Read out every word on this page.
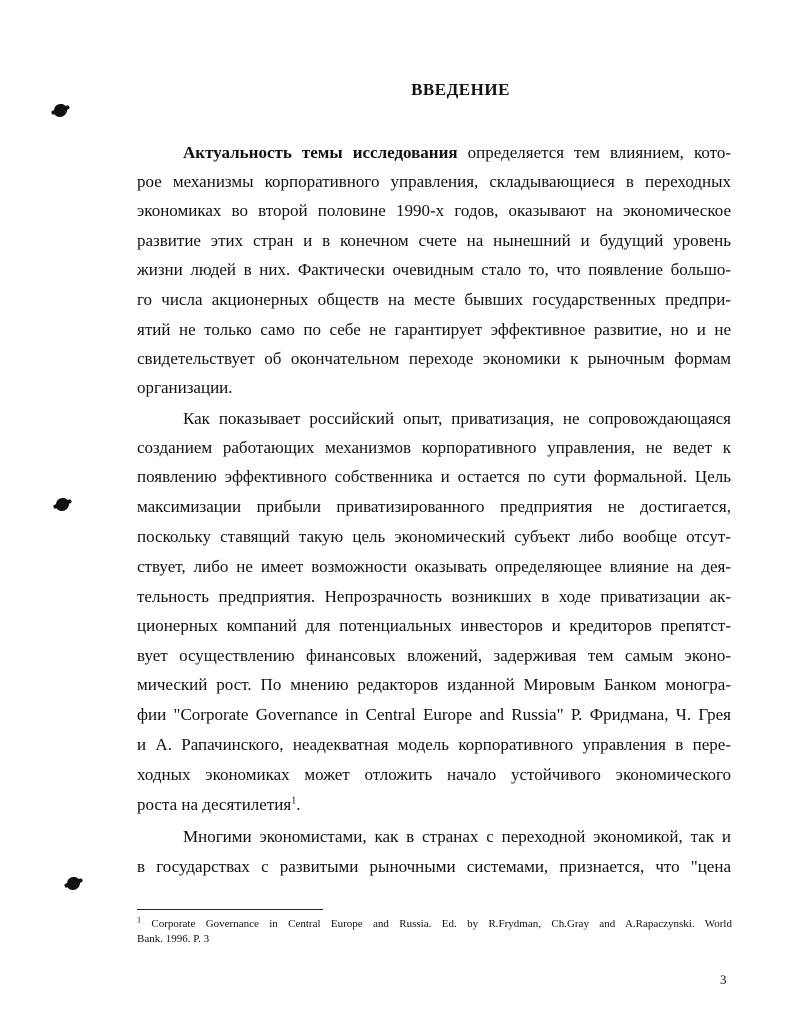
ВВЕДЕНИЕ
Актуальность темы исследования определяется тем влиянием, кото-
рое механизмы корпоративного управления, складывающиеся в переходных
экономиках во второй половине 1990-х годов, оказывают на экономическое
развитие этих стран и в конечном счете на нынешний и будущий уровень
жизни людей в них. Фактически очевидным стало то, что появление большо-
го числа акционерных обществ на месте бывших государственных предпри-
ятий не только само по себе не гарантирует эффективное развитие, но и не
свидетельствует об окончательном переходе экономики к рыночным формам
организации.
Как показывает российский опыт, приватизация, не сопровождающаяся
созданием работающих механизмов корпоративного управления, не ведет к
появлению эффективного собственника и остается по сути формальной. Цель
максимизации прибыли приватизированного предприятия не достигается,
поскольку ставящий такую цель экономический субъект либо вообще отсут-
ствует, либо не имеет возможности оказывать определяющее влияние на дея-
тельность предприятия. Непрозрачность возникших в ходе приватизации ак-
ционерных компаний для потенциальных инвесторов и кредиторов препятст-
вует осуществлению финансовых вложений, задерживая тем самым эконо-
мический рост. По мнению редакторов изданной Мировым Банком моногра-
фии "Corporate Governance in Central Europe and Russia" Р. Фридмана, Ч. Грея
и А. Рапачинского, неадекватная модель корпоративного управления в пере-
ходных экономиках может отложить начало устойчивого экономического
роста на десятилетия$^1$.
Многими экономистами, как в странах с переходной экономикой, так и
в государствах с развитыми рыночными системами, признается, что "цена
$^1$ Corporate Governance in Central Europe and Russia. Ed. by R.Frydman, Ch.Gray and A.Rapaczynski. World
Bank. 1996. P. 3
3
